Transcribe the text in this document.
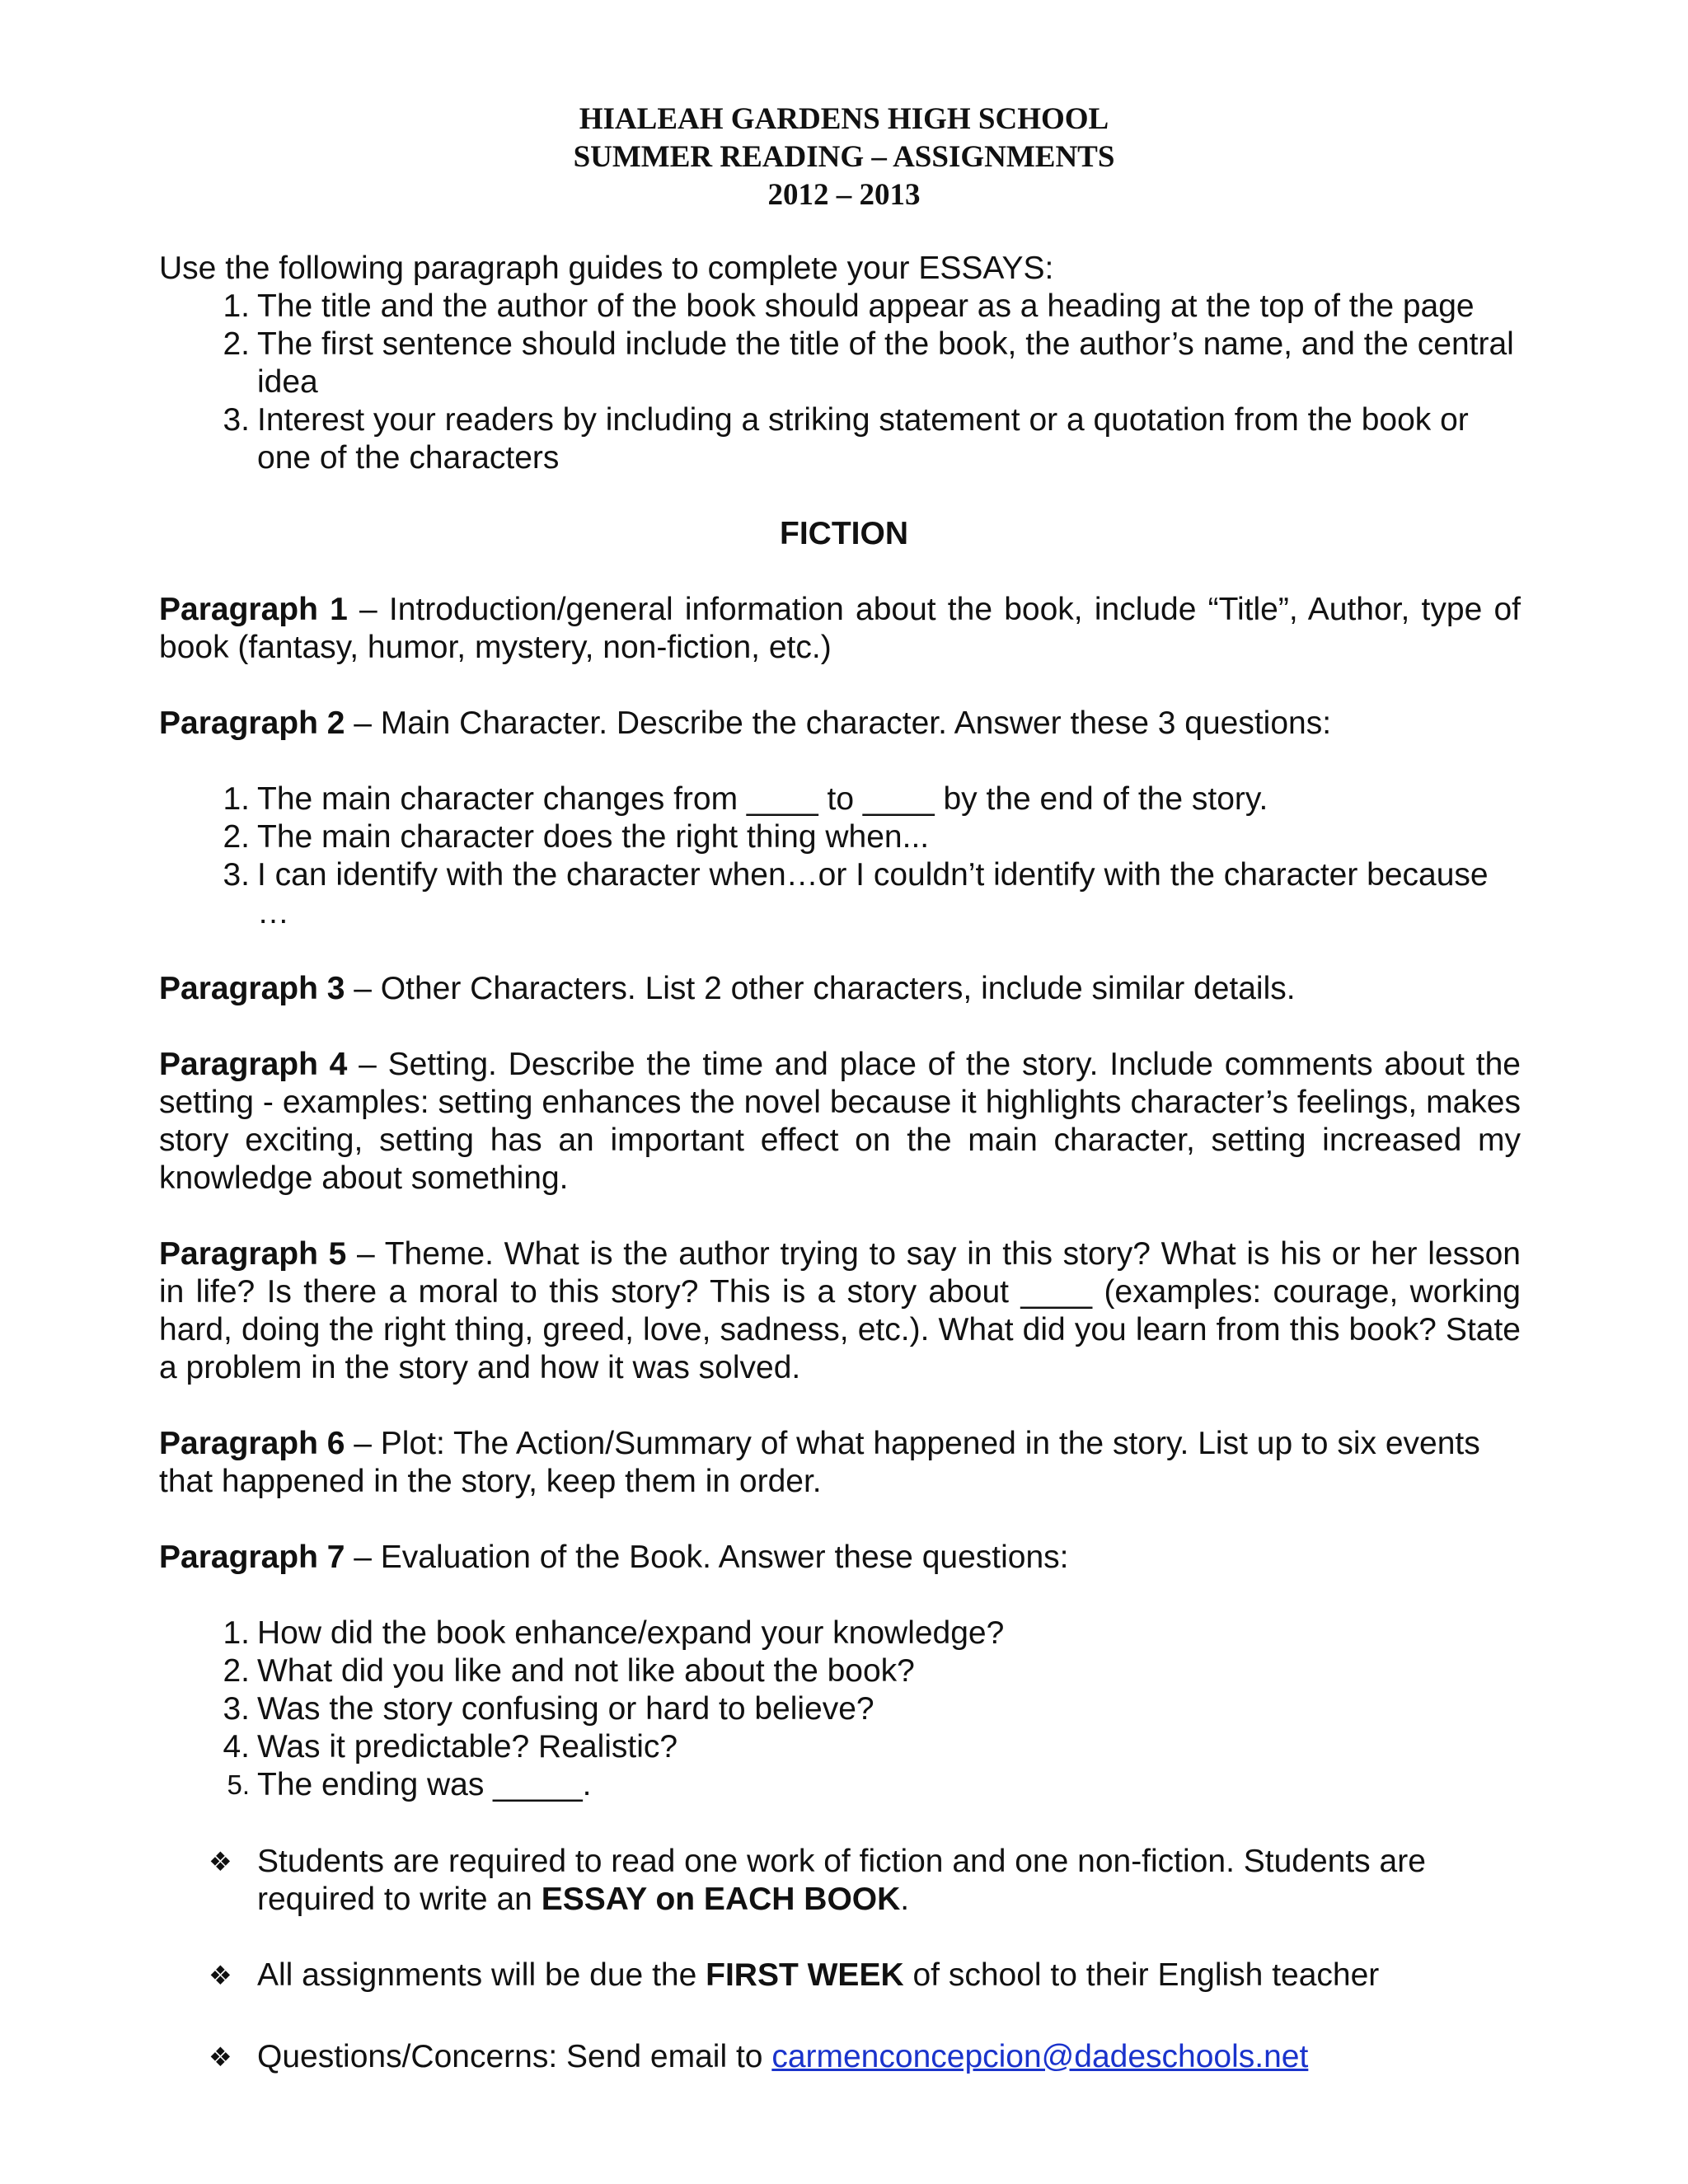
HIALEAH GARDENS HIGH SCHOOL
SUMMER READING – ASSIGNMENTS
2012 – 2013
Use the following paragraph guides to complete your ESSAYS:
1. The title and the author of the book should appear as a heading at the top of the page
2. The first sentence should include the title of the book, the author’s name, and the central idea
3. Interest your readers by including a striking statement or a quotation from the book or one of the characters
FICTION
Paragraph 1 – Introduction/general information about the book, include “Title”, Author, type of book (fantasy, humor, mystery, non-fiction, etc.)
Paragraph 2 – Main Character. Describe the character. Answer these 3 questions:
1. The main character changes from ____ to ____ by the end of the story.
2. The main character does the right thing when...
3. I can identify with the character when…or I couldn’t identify with the character because …
Paragraph 3 – Other Characters. List 2 other characters, include similar details.
Paragraph 4 – Setting. Describe the time and place of the story. Include comments about the setting - examples: setting enhances the novel because it highlights character’s feelings, makes story exciting, setting has an important effect on the main character, setting increased my knowledge about something.
Paragraph 5 – Theme. What is the author trying to say in this story? What is his or her lesson in life? Is there a moral to this story? This is a story about ____ (examples: courage, working hard, doing the right thing, greed, love, sadness, etc.). What did you learn from this book? State a problem in the story and how it was solved.
Paragraph 6 – Plot: The Action/Summary of what happened in the story. List up to six events that happened in the story, keep them in order.
Paragraph 7 – Evaluation of the Book. Answer these questions:
1. How did the book enhance/expand your knowledge?
2. What did you like and not like about the book?
3. Was the story confusing or hard to believe?
4. Was it predictable? Realistic?
5. The ending was _____.
❖ Students are required to read one work of fiction and one non-fiction. Students are required to write an ESSAY on EACH BOOK.
❖ All assignments will be due the FIRST WEEK of school to their English teacher
❖ Questions/Concerns: Send email to carmenconcepcion@dadeschools.net
